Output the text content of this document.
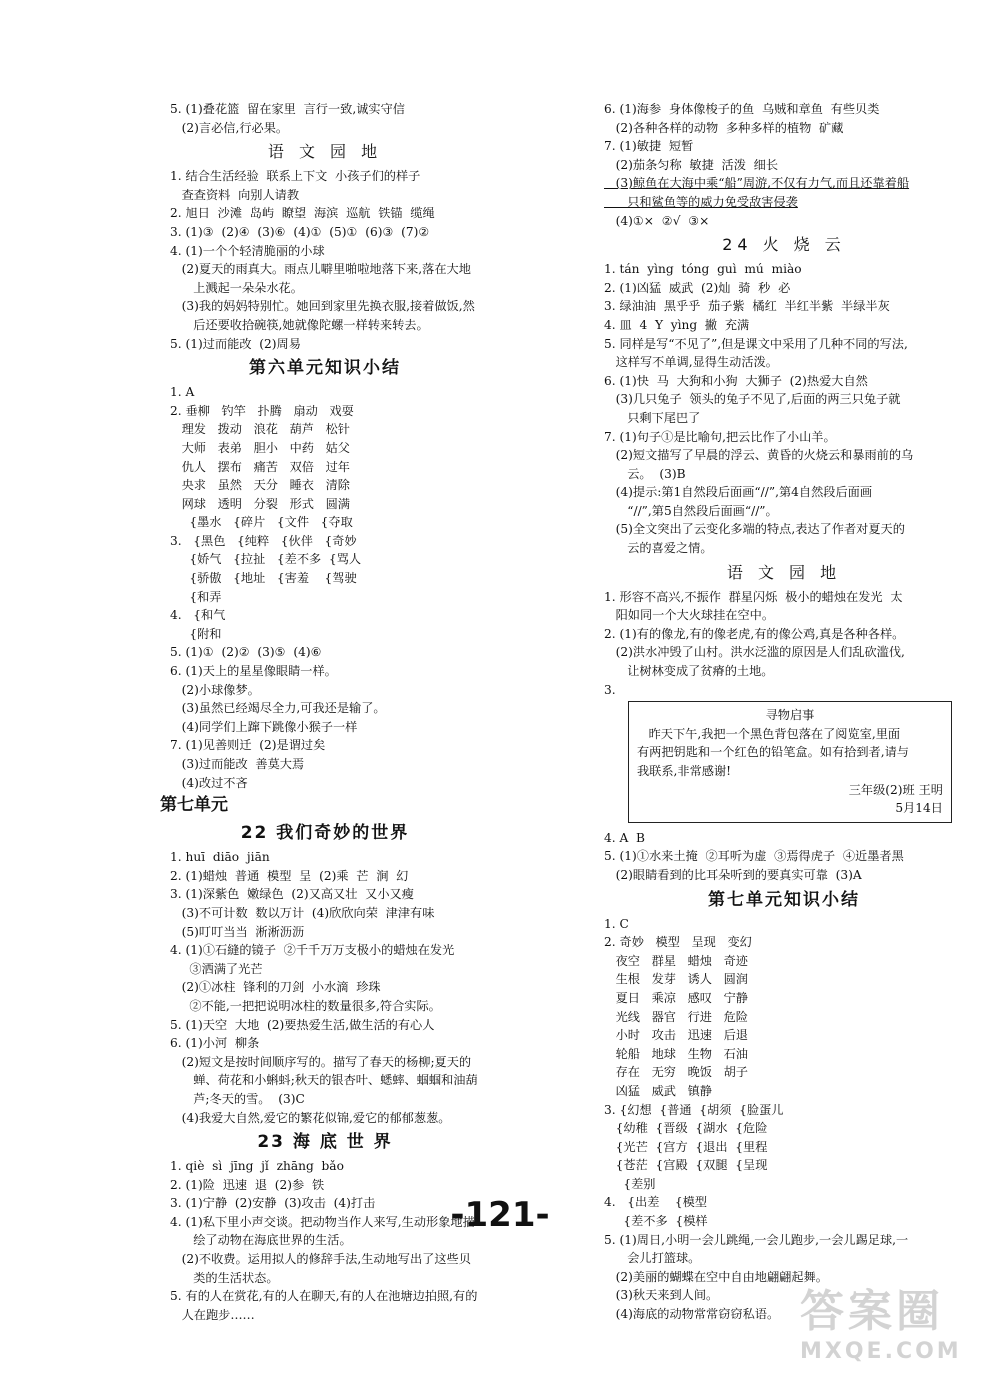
5. (1)叠花篮  留在家里  言行一致,诚实守信
(2)言必信,行必果。
语 文 园 地
1. 结合生活经验  联系上下文  小孩子们的样子
查查资料  向别人请教
2. 旭日  沙滩  岛屿  瞭望  海滨  巡航  铁锚  缆绳
3. (1)③  (2)④  (3)⑥  (4)①  (5)①  (6)③  (7)②
4. (1)一个个轻清脆丽的小球
(2)夏天的雨真大。雨点儿噼里啪啦地落下来,落在大地
上溅起一朵朵水花。
(3)我的妈妈特别忙。她回到家里先换衣服,接着做饭,然
后还要收拾碗筷,她就像陀螺一样转来转去。
5. (1)过而能改  (2)周易
第六单元知识小结
1. A
2. 垂柳   钓竿   扑腾   扇动   戏耍
理发   拨动   浪花   葫芦   松针
大师   表弟   胆小   中药   姑父
仇人   摆布   痛苦   双倍   过年
央求   虽然   天分   睡衣   清除
网球   透明   分裂   形式   圆满
{墨水   {碎片   {文件   {夺取
3.   {黑色   {纯粹   {伙伴   {奇妙
{娇气   {拉扯   {差不多  {骂人
{骄傲   {地址   {害羞    {驾驶
{和弄
4.   {和气
{附和
5. (1)①  (2)②  (3)⑤  (4)⑥
6. (1)天上的星星像眼睛一样。
(2)小球像梦。
(3)虽然已经竭尽全力,可我还是输了。
(4)同学们上蹿下跳像小猴子一样
7. (1)见善则迁  (2)是谓过矣
(3)过而能改  善莫大焉
(4)改过不吝
第七单元
22 我们奇妙的世界
1. huī  diāo  jiān
2. (1)蜡烛  普通  模型  呈  (2)乘  芒  涧  幻
3. (1)深紫色  嫩绿色  (2)又高又壮  又小又瘦
(3)不可计数  数以万计  (4)欣欣向荣  津津有味
(5)叮叮当当  淅淅沥沥
4. (1)①石縫的镜子  ②千千万万支极小的蜡烛在发光
③洒满了光芒
(2)①冰柱  锋利的刀剑  小水滴  珍珠
②不能,一把把说明冰柱的数量很多,符合实际。
5. (1)天空  大地  (2)要热爱生活,做生活的有心人
6. (1)小河  柳条
(2)短文是按时间顺序写的。描写了春天的杨柳;夏天的
蝉、荷花和小蝌蚪;秋天的银杏叶、蟋蟀、蝈蝈和油葫
芦;冬天的雪。  (3)C
(4)我爱大自然,爱它的繁花似锦,爱它的郁郁葱葱。
23 海 底 世 界
1. qiè  sì  jīng  jǐ  zhāng  bǎo
2. (1)险  迅速  退  (2)参  铁
3. (1)宁静  (2)安静  (3)攻击  (4)打击
4. (1)私下里小声交谈。把动物当作人来写,生动形象地描
绘了动物在海底世界的生活。
(2)不收费。运用拟人的修辞手法,生动地写出了这些贝
类的生活状态。
5. 有的人在赏花,有的人在聊天,有的人在池塘边拍照,有的
人在跑步……
6. (1)海参  身体像梭子的鱼  乌贼和章鱼  有些贝类
(2)各种各样的动物  多种多样的植物  矿藏
7. (1)敏捷  短暂
(2)茄条匀称  敏捷  活泼  细长
(3)鲸鱼在大海中乘“船”周游,不仅有力气,而且还靠着船
只和鲨鱼等的威力免受敌害侵袭
(4)①×  ②√  ③×
24 火 烧 云
1. tán  yìng  tóng  guì  mú  miào
2. (1)凶猛  威武  (2)灿  骑  秒  必
3. 绿油油  黑乎乎  茄子紫  橘红  半红半紫  半绿半灰
4. 皿  4  Y  yìng  撇  充满
5. 同样是写“不见了”,但是课文中采用了几种不同的写法,
这样写不单调,显得生动活泼。
6. (1)快  马  大狗和小狗  大狮子  (2)热爱大自然
(3)几只兔子  领头的兔子不见了,后面的两三只兔子就
只剩下尾巴了
7. (1)句子①是比喻句,把云比作了小山羊。
(2)短文描写了早晨的浮云、黄昏的火烧云和暴雨前的乌
云。  (3)B
(4)提示:第1自然段后面画“//”,第4自然段后面画
“//”,第5自然段后面画“//”。
(5)全文突出了云变化多端的特点,表达了作者对夏天的
云的喜爱之情。
语 文 园 地
1. 形容不高兴,不振作  群星闪烁  极小的蜡烛在发光  太
阳如同一个大火球挂在空中。
2. (1)有的像龙,有的像老虎,有的像公鸡,真是各种各样。
(2)洪水冲毁了山村。洪水泛滥的原因是人们乱砍滥伐,
让树林变成了贫瘠的土地。
3.
寻物启事
昨天下午,我把一个黑色背包落在了阅览室,里面
有两把钥匙和一个红色的铅笔盒。如有拾到者,请与
我联系,非常感谢!
三年级(2)班 王明
5月14日
4. A  B
5. (1)①水来土掩  ②耳听为虚  ③焉得虎子  ④近墨者黑
(2)眼睛看到的比耳朵听到的要真实可靠  (3)A
第七单元知识小结
1. C
2. 奇妙   模型   呈现   变幻
夜空   群星   蜡烛   奇迹
生根   发芽   诱人   圆润
夏日   乘凉   感叹   宁静
光线   器官   行进   危险
小时   攻击   迅速   后退
轮船   地球   生物   石油
存在   无穷   晚饭   胡子
凶猛   威武   镇静
3. {幻想  {普通  {胡须  {脸蛋儿
{幼稚  {晋级  {湖水  {危险
{光芒  {宫方  {退出  {里程
{苍茫  {宫殿  {双腿  {呈现
{差别
4.   {出差    {模型
{差不多  {模样
5. (1)周日,小明一会儿跳绳,一会儿跑步,一会儿踢足球,一
会儿打篮球。
(2)美丽的蝴蝶在空中自由地翩翩起舞。
(3)秋天来到人间。
(4)海底的动物常常窃窃私语。
-121-
答案圈
MXQE.COM
